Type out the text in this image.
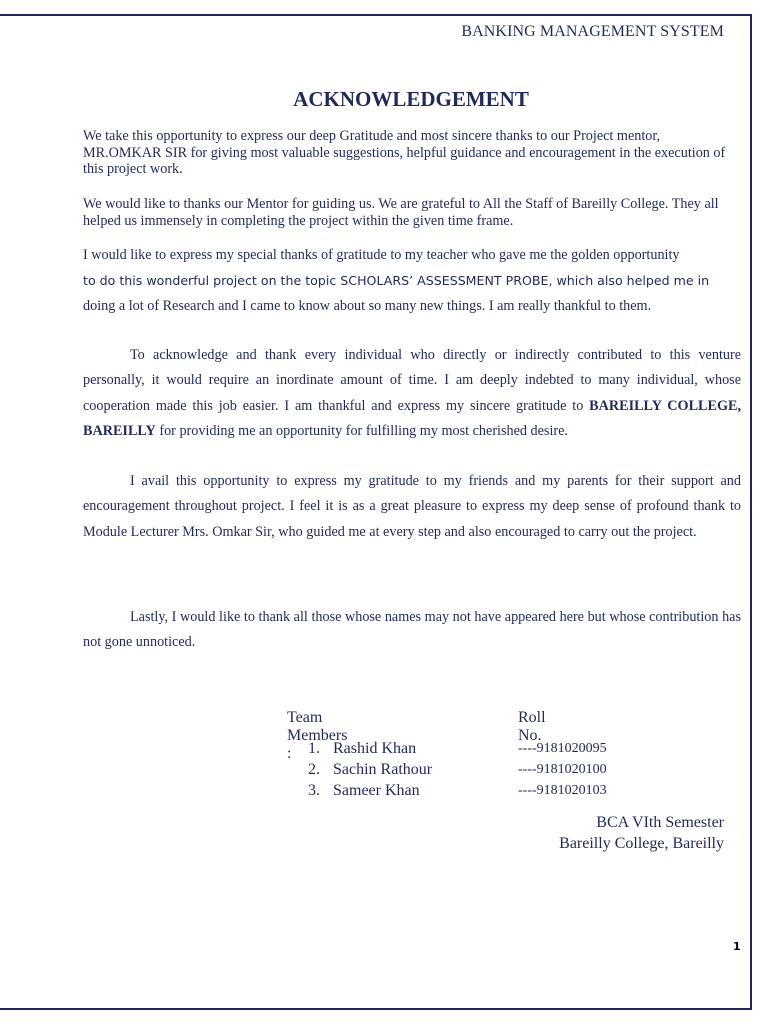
BANKING MANAGEMENT SYSTEM
ACKNOWLEDGEMENT

We take this opportunity to express our deep Gratitude and most sincere thanks to our Project mentor, MR.OMKAR SIR for giving most valuable suggestions, helpful guidance and encouragement in the execution of this project work.

We would like to thanks our Mentor for guiding us. We are grateful to All the Staff of Bareilly College. They all helped us immensely in completing the project within the given time frame.

I would like to express my special thanks of gratitude to my teacher who gave me the golden opportunity
to do this wonderful project on the topic SCHOLARS’ ASSESSMENT PROBE, which also helped me in
doing a lot of Research and I came to know about so many new things. I am really thankful to them.

To acknowledge and thank every individual who directly or indirectly contributed to this venture personally, it would require an inordinate amount of time. I am deeply indebted to many individual, whose cooperation made this job easier. I am thankful and express my sincere gratitude to BAREILLY COLLEGE, BAREILLY for providing me an opportunity for fulfilling my most cherished desire.

I avail this opportunity to express my gratitude to my friends and my parents for their support and encouragement throughout project. I feel it is as a great pleasure to express my deep sense of profound thank to Module Lecturer Mrs. Omkar Sir, who guided me at every step and also encouraged to carry out the project.

Lastly, I would like to thank all those whose names may not have appeared here but whose contribution has not gone unnoticed.

Team Members :
Roll No.
1. Rashid Khan	----9181020095
2. Sachin Rathour	----9181020100
3. Sameer Khan	----9181020103
BCA VIth Semester
Bareilly College, Bareilly
1
